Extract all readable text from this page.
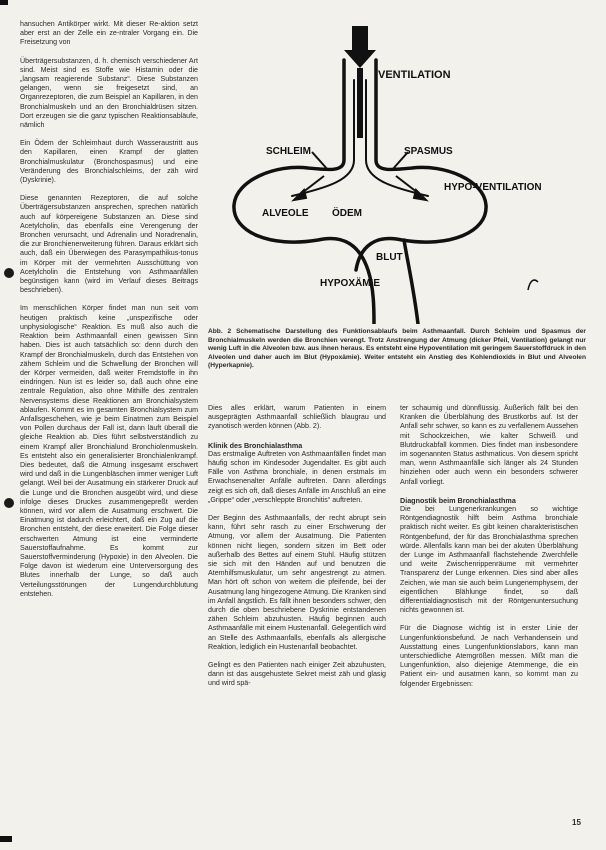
hansuchen Antikörper wirkt. Mit dieser Re-aktion setzt aber erst an der Zelle ein ze-ntraler Vorgang ein. Die Freisetzung von

Überträgersubstanzen, d. h. chemisch verschiedener Art sind. Meist sind es Stoffe wie Histamin oder die „langsam reagierende Substanz“. Diese Substanzen gelangen, wenn sie freigesetzt sind, an Organrezeptoren, die zum Beispiel an Kapillaren, in den Bronchialmuskeln und an den Bronchialdrüsen sitzen. Dort erzeugen sie die ganz typischen Reaktionsabläufe, nämlich

Ein Ödem der Schleimhaut durch Wasseraustritt aus den Kapillaren, einen Krampf der glatten Bronchialmuskulatur (Bronchospasmus) und eine Veränderung des Bronchialschleims, der zäh wird (Dyskrinie).

Diese genannten Rezeptoren, die auf solche Überträgersubstanzen ansprechen, sprechen natürlich auch auf körpereigene Substanzen an. Diese sind Acetylcholin, das ebenfalls eine Verengerung der Bronchen verursacht, und Adrenalin und Noradrenalin, die zur Bronchienerweiterung führen. Daraus erklärt sich auch, daß ein Überwiegen des Parasympathikus-tonus im Körper mit der vermehrten Ausschüttung von Acetylcholin die Entstehung von Asthmaanfällen begünstigen kann (wird im Verlauf dieses Beitrags beschrieben).

Im menschlichen Körper findet man nun seit vom heutigen praktisch keine „unspezifische oder unphysiologische“ Reaktion. Es muß also auch die Reaktion beim Asthmaanfall einen gewissen Sinn haben. Dies ist auch tatsächlich so: denn durch den Krampf der Bronchialmuskeln, durch das Entstehen von zähem Schleim und die Schwellung der Bronchen will der Körper vermeiden, daß weiter Fremdstoffe in ihn eindringen. Nun ist es leider so, daß auch ohne eine zentrale Regulation, also ohne Mithilfe des zentralen Nervensystems diese Reaktionen am Bronchialsystem ablaufen. Kommt es im gesamten Bronchialsystem zum Anfallsgeschehen, wie je beim Einatmen zum Beispiel von Pollen durchaus der Fall ist, dann läuft überall die gleiche Reaktion ab. Dies führt selbstverständlich zu einem Krampf aller Bronchialund Bronchiolenmuskeln. Es entsteht also ein generalisierter Bronchialenkrampf. Dies bedeutet, daß die Atmung insgesamt erschwert wird und daß in die Lungenbläschen immer weniger Luft gelangt. Weil bei der Ausatmung ein stärkerer Druck auf die Lunge und die Bronchen ausgeübt wird, und diese infolge dieses Druckes zusammengepreßt werden können, wird vor allem die Ausatmung erschwert. Die Einatmung ist dadurch erleichtert, daß ein Zug auf die Bronchen entsteht, der diese erweitert. Die Folge dieser erschwerten Atmung ist eine verminderte Sauerstoffaufnahme. Es kommt zur Sauerstoffverminderung (Hypoxie) in den Alveolen. Die Folge davon ist wiederum eine Unterversorgung des Blutes innerhalb der Lunge, so daß auch Verteilungsstörungen der Lungendurchblutung entstehen.

VENTILATION
SCHLEIM	SPASMUS
HYPO-VENTILATION
ALVEOLE ÖDEM
BLUT
HYPOXÄMIE
Abb. 2 Schematische Darstellung des Funktionsablaufs beim Asthmaanfall. Durch Schleim und Spasmus der Bronchialmuskeln werden die Bronchien verengt. Trotz Anstrengung der Atmung (dicker Pfeil, Ventilation) gelangt nur wenig Luft in die Alveolen bzw. aus ihnen heraus. Es entsteht eine Hypoventilation mit geringem Sauerstoffdruck in den Alveolen und daher auch im Blut (Hypoxämie). Weiter entsteht ein Anstieg des Kohlendioxids in Blut und Alveolen (Hyperkapnie).

Dies alles erklärt, warum Patienten in einem ausgeprägten Asthmaanfall schließlich blaugrau und zyanotisch werden können (Abb. 2).

Klinik des Bronchialasthma

Das erstmalige Auftreten von Asthmaanfällen findet man häufig schon im Kindesoder Jugendalter. Es gibt auch Fälle von Asthma bronchiale, in denen erstmals im Erwachsenenalter Anfälle auftreten. Dann allerdings zeigt es sich oft, daß dieses Anfälle im Anschluß an eine „Grippe“ oder „verschleppte Bronchitis“ auftreten.

Der Beginn des Asthmaanfalls, der recht abrupt sein kann, führt sehr rasch zu einer Erschwerung der Atmung, vor allem der Ausatmung. Die Patienten können nicht liegen, sondern sitzen im Bett oder außerhalb des Bettes auf einem Stuhl. Häufig stützen sie sich mit den Händen auf und benutzen die Atemhilfsmuskulatur, um sehr angestrengt zu atmen. Man hört oft schon von weitem die pfeifende, bei der Ausatmung lang hingezogene Atmung. Die Kranken sind im Anfall ängstlich. Es fällt ihnen besonders schwer, den durch die oben beschriebene Dyskrinie entstandenen zähen Schleim abzuhusten. Häufig beginnen auch Asthmaanfälle mit einem Hustenanfall. Gelegentlich wird an Stelle des Asthmaanfalls, ebenfalls als allergische Reaktion, lediglich ein Hustenanfall beobachtet.

Gelingt es den Patienten nach einiger Zeit abzuhusten, dann ist das ausgehustete Sekret meist zäh und glasig und wird spä-

ter schaumig und dünnflüssig. Äußerlich fällt bei den Kranken die Überblähung des Brustkorbs auf. Ist der Anfall sehr schwer, so kann es zu verfallenem Aussehen mit Schockzeichen, wie kalter Schweiß und Blutdruckabfall kommen. Dies findet man insbesondere im sogenannten Status asthmaticus. Von diesem spricht man, wenn Asthmaanfälle sich länger als 24 Stunden hinziehen oder auch wenn ein besonders schwerer Anfall vorliegt.

Diagnostik beim Bronchialasthma

Die bei Lungenerkrankungen so wichtige Röntgendiagnostik hilft beim Asthma bronchiale praktisch nicht weiter. Es gibt keinen charakteristischen Röntgenbefund, der für das Bronchialasthma sprechen würde. Allenfalls kann man bei der akuten Überblähung der Lunge im Asthmaanfall flachstehende Zwerchfelle und weite Zwischenrippenräume mit vermehrter Transparenz der Lunge erkennen. Dies sind aber alles Zeichen, wie man sie auch beim Lungenemphysem, der eigentlichen Blählunge findet, so daß differentialdiagnostisch mit der Röntgenuntersuchung nichts gewonnen ist.

Für die Diagnose wichtig ist in erster Linie der Lungenfunktionsbefund. Je nach Verhandensein und Ausstattung eines Lungenfunktionslabors, kann man unterschiedliche Atemgrößen messen. Mißt man die Lungenfunktion, also diejenige Atemmenge, die ein Patient ein- und ausatmen kann, so kommt man zu folgender Ergebnissen:

15
